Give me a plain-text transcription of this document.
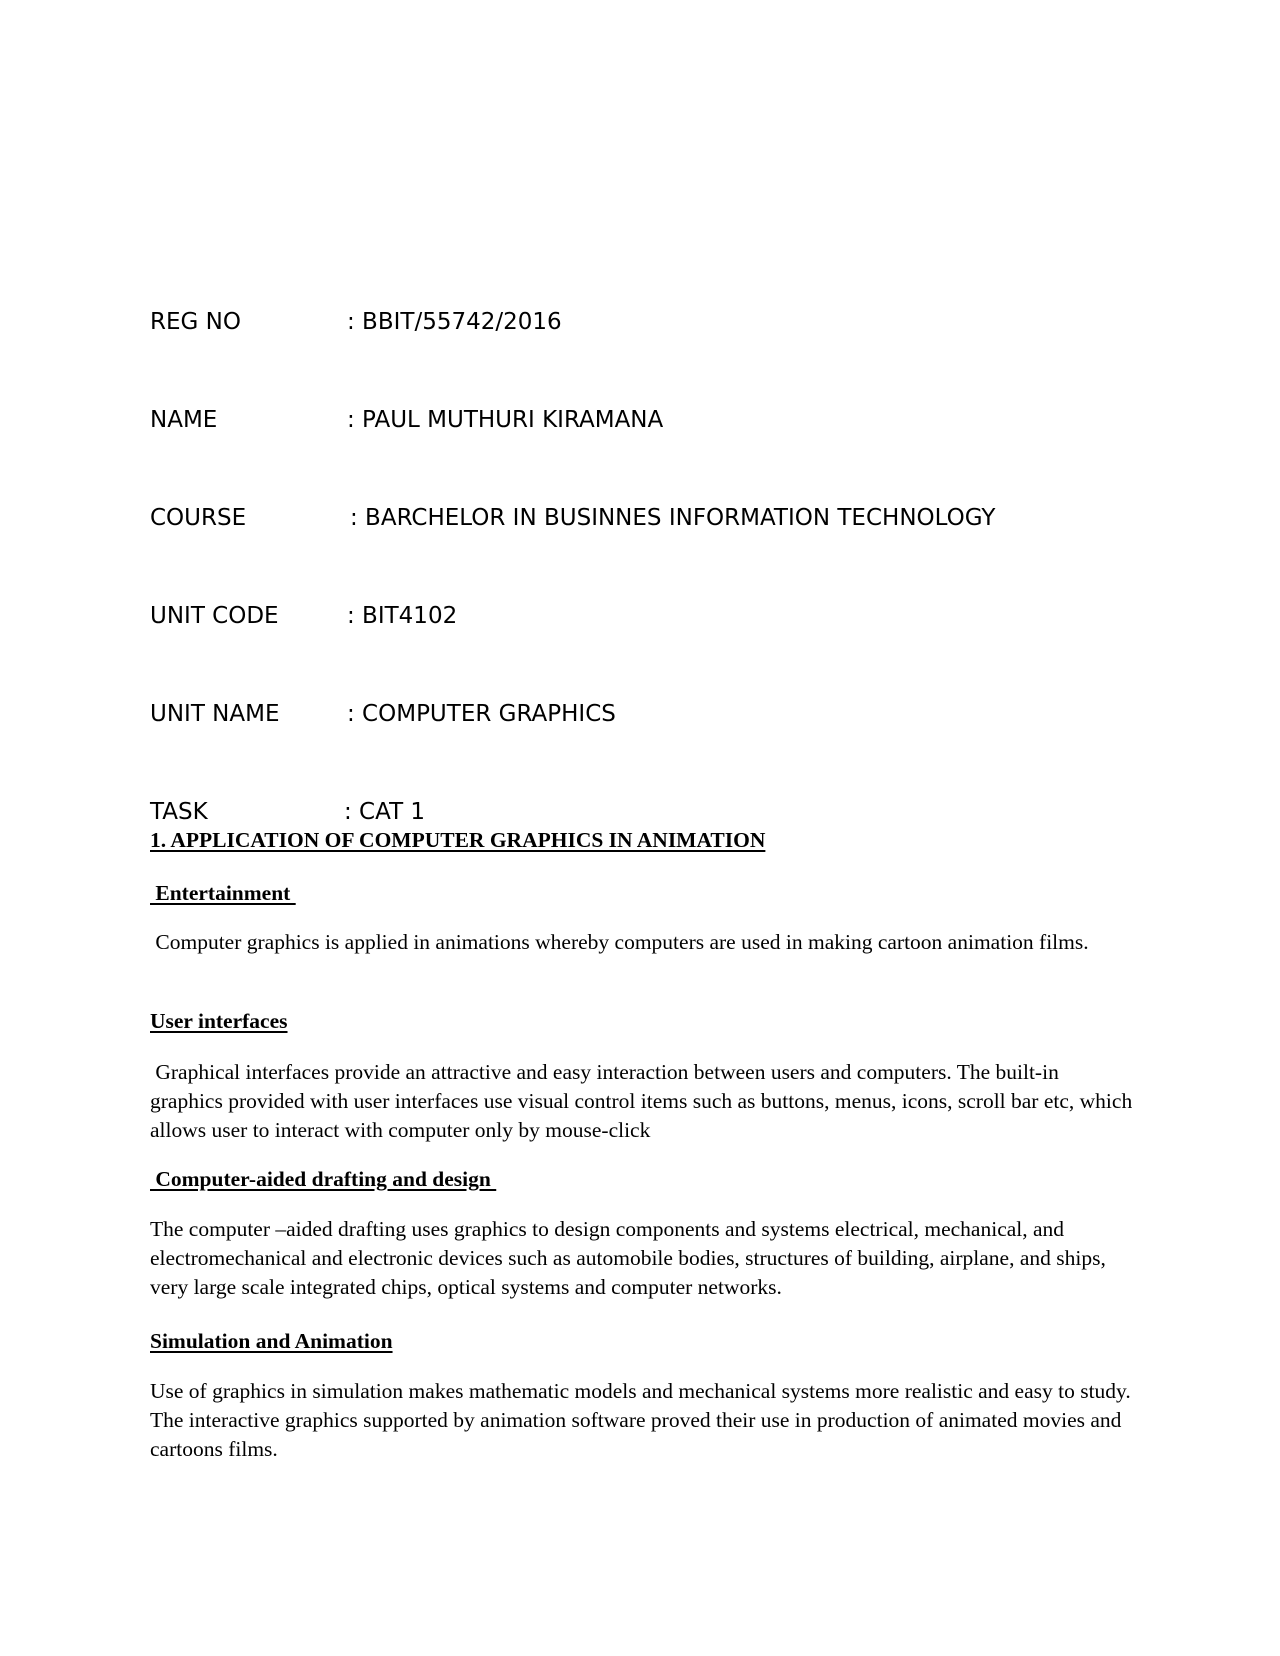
REG NO	: BBIT/55742/2016
NAME	: PAUL MUTHURI KIRAMANA
COURSE	: BARCHELOR IN BUSINNES INFORMATION TECHNOLOGY
UNIT CODE	: BIT4102
UNIT NAME	: COMPUTER GRAPHICS
TASK	: CAT 1
1. APPLICATION OF COMPUTER GRAPHICS IN ANIMATION
Entertainment
Computer graphics is applied in animations whereby computers are used in making cartoon animation films.
User interfaces
Graphical interfaces provide an attractive and easy interaction between users and computers. The built-in graphics provided with user interfaces use visual control items such as buttons, menus, icons, scroll bar etc, which allows user to interact with computer only by mouse-click
Computer-aided drafting and design
The computer –aided drafting uses graphics to design components and systems electrical, mechanical, and electromechanical and electronic devices such as automobile bodies, structures of building, airplane, and ships, very large scale integrated chips, optical systems and computer networks.
Simulation and Animation
Use of graphics in simulation makes mathematic models and mechanical systems more realistic and easy to study. The interactive graphics supported by animation software proved their use in production of animated movies and cartoons films.
